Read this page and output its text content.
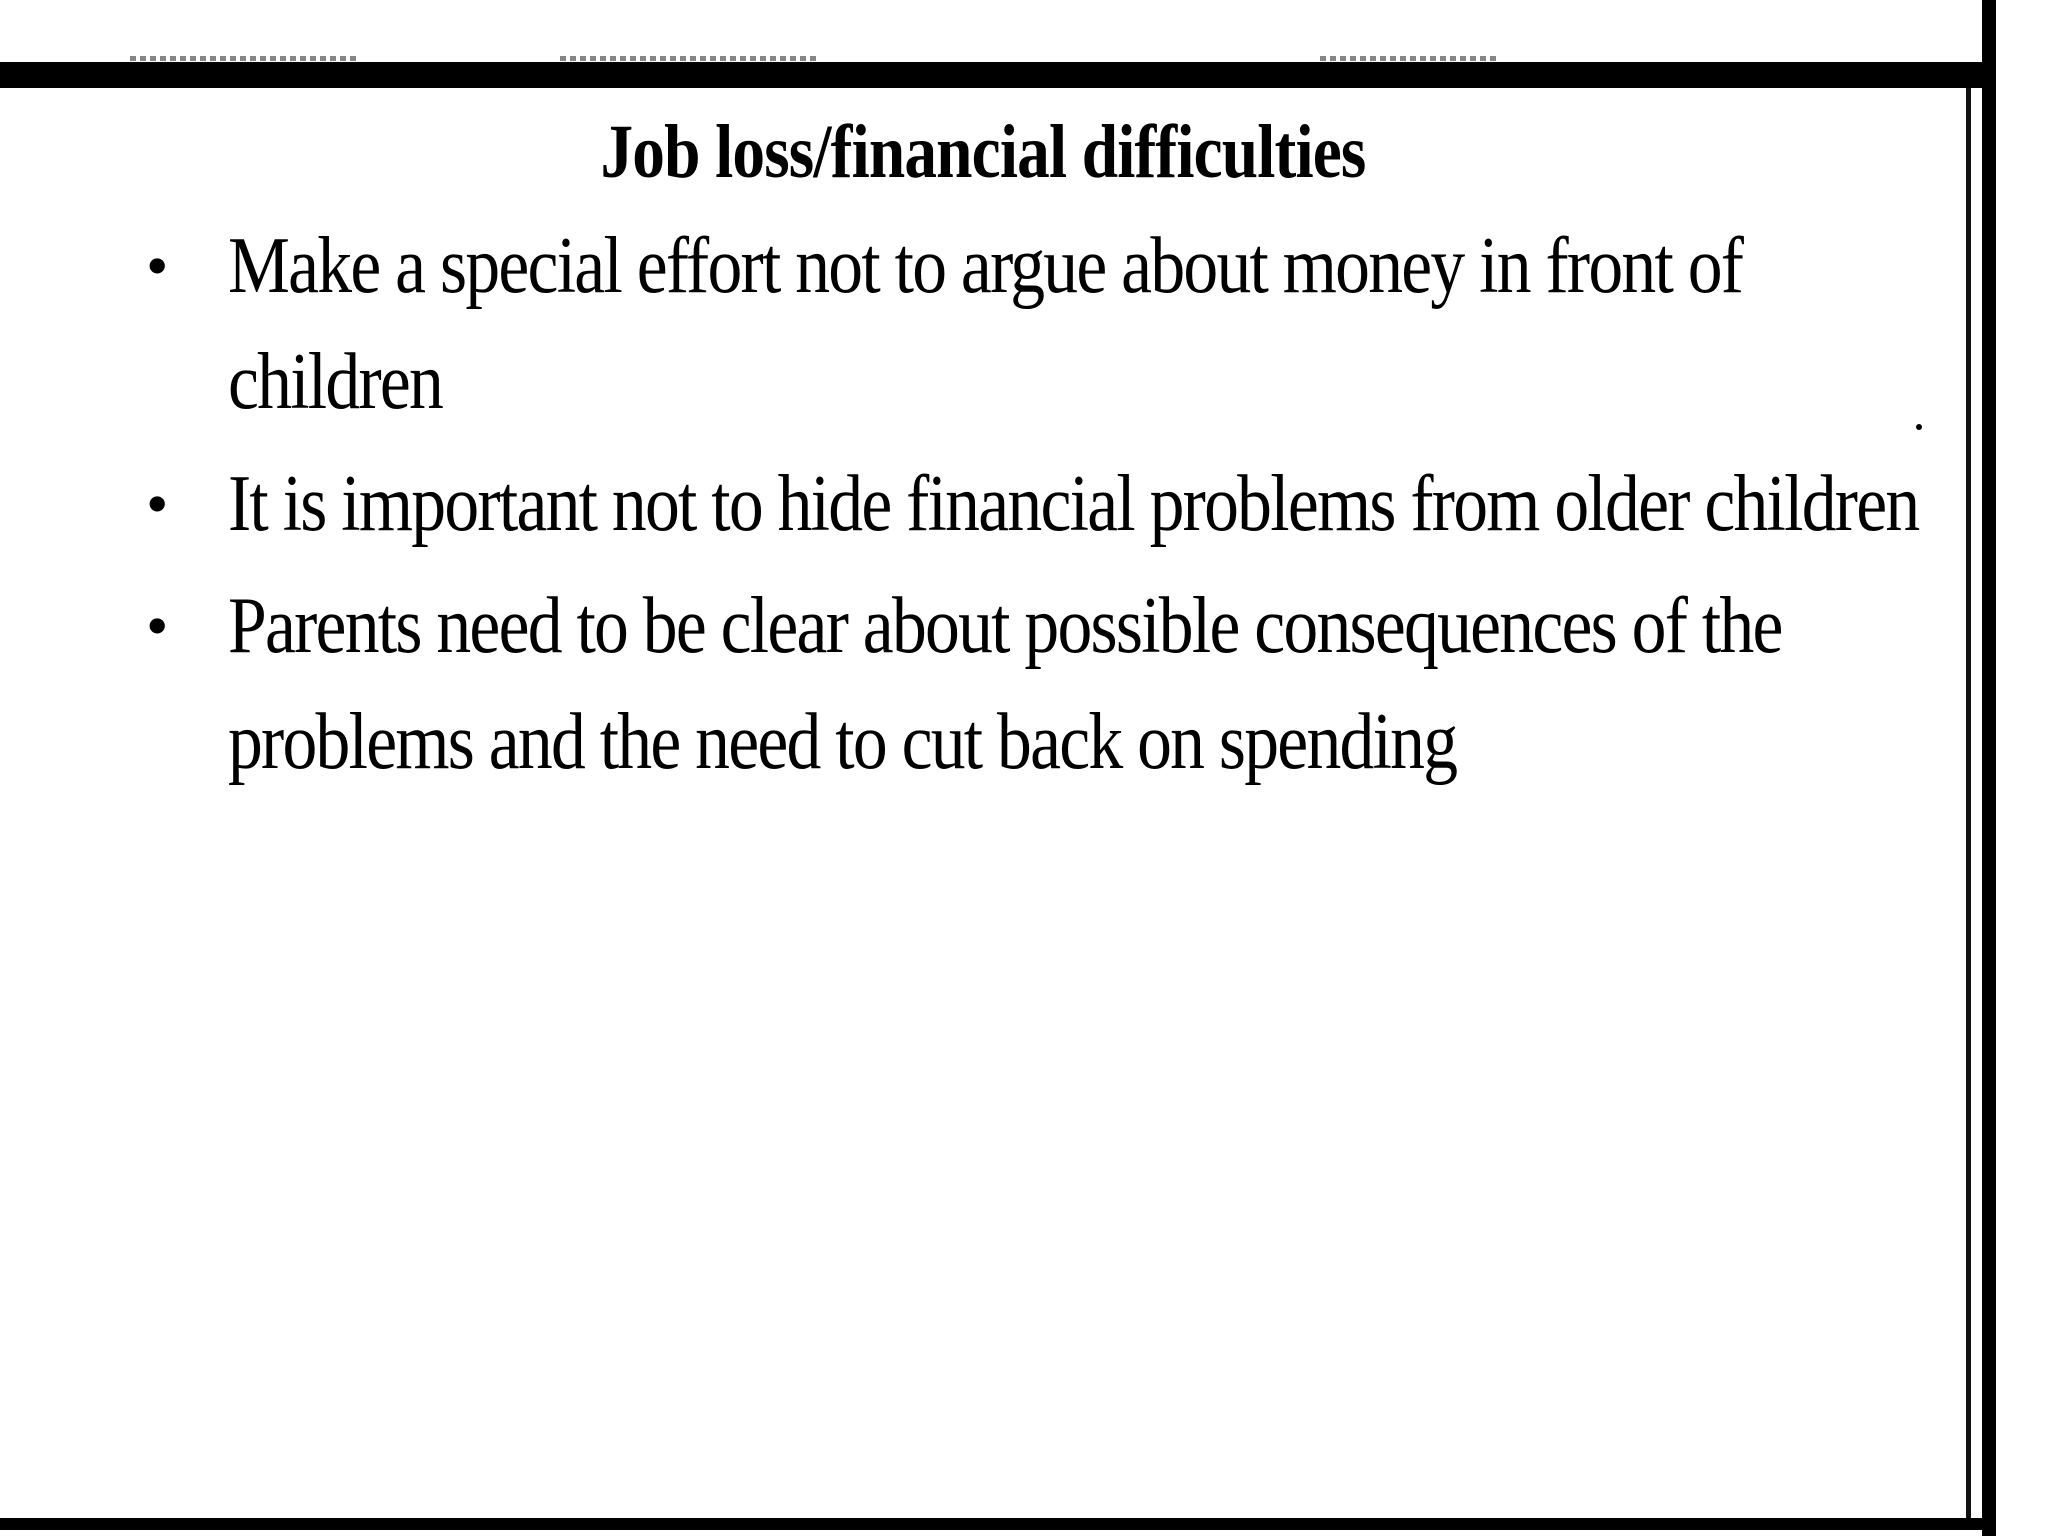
Job loss/financial difficulties
• Make a special effort not to argue about money in front of children
• It is important not to hide financial problems from older children
• Parents need to be clear about possible consequences of the problems and the need to cut back on spending
